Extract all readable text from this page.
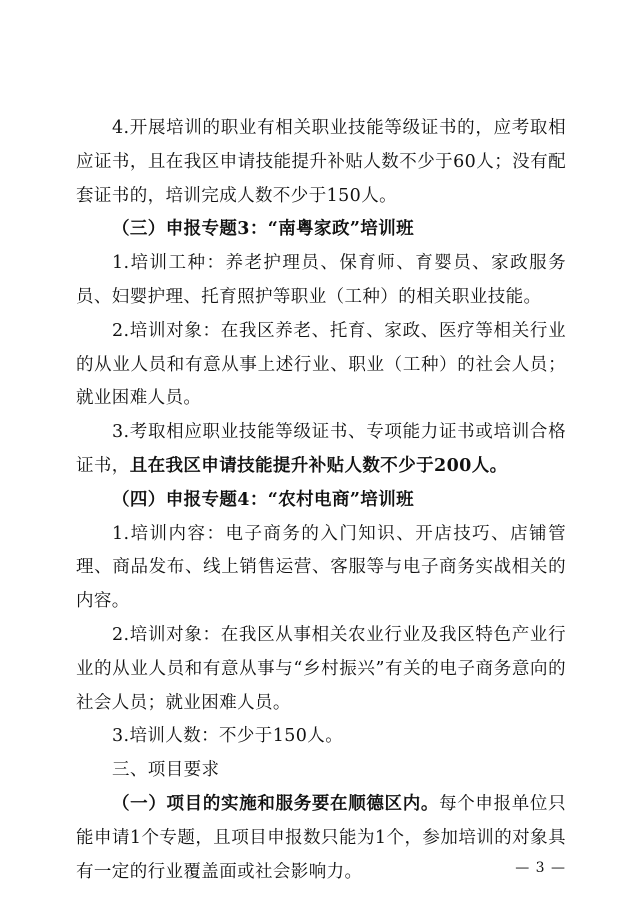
4.开展培训的职业有相关职业技能等级证书的，应考取相应证书，且在我区申请技能提升补贴人数不少于60人；没有配套证书的，培训完成人数不少于150人。

（三）申报专题3：“南粤家政”培训班

1.培训工种：养老护理员、保育师、育婴员、家政服务员、妇婴护理、托育照护等职业（工种）的相关职业技能。

2.培训对象：在我区养老、托育、家政、医疗等相关行业的从业人员和有意从事上述行业、职业（工种）的社会人员；就业困难人员。

3.考取相应职业技能等级证书、专项能力证书或培训合格证书，且在我区申请技能提升补贴人数不少于200人。

（四）申报专题4：“农村电商”培训班

1.培训内容：电子商务的入门知识、开店技巧、店铺管理、商品发布、线上销售运营、客服等与电子商务实战相关的内容。

2.培训对象：在我区从事相关农业行业及我区特色产业行业的从业人员和有意从事与“乡村振兴”有关的电子商务意向的社会人员；就业困难人员。

3.培训人数：不少于150人。

三、项目要求

（一）项目的实施和服务要在顺德区内。每个申报单位只能申请1个专题，且项目申报数只能为1个，参加培训的对象具有一定的行业覆盖面或社会影响力。	— 3 —
